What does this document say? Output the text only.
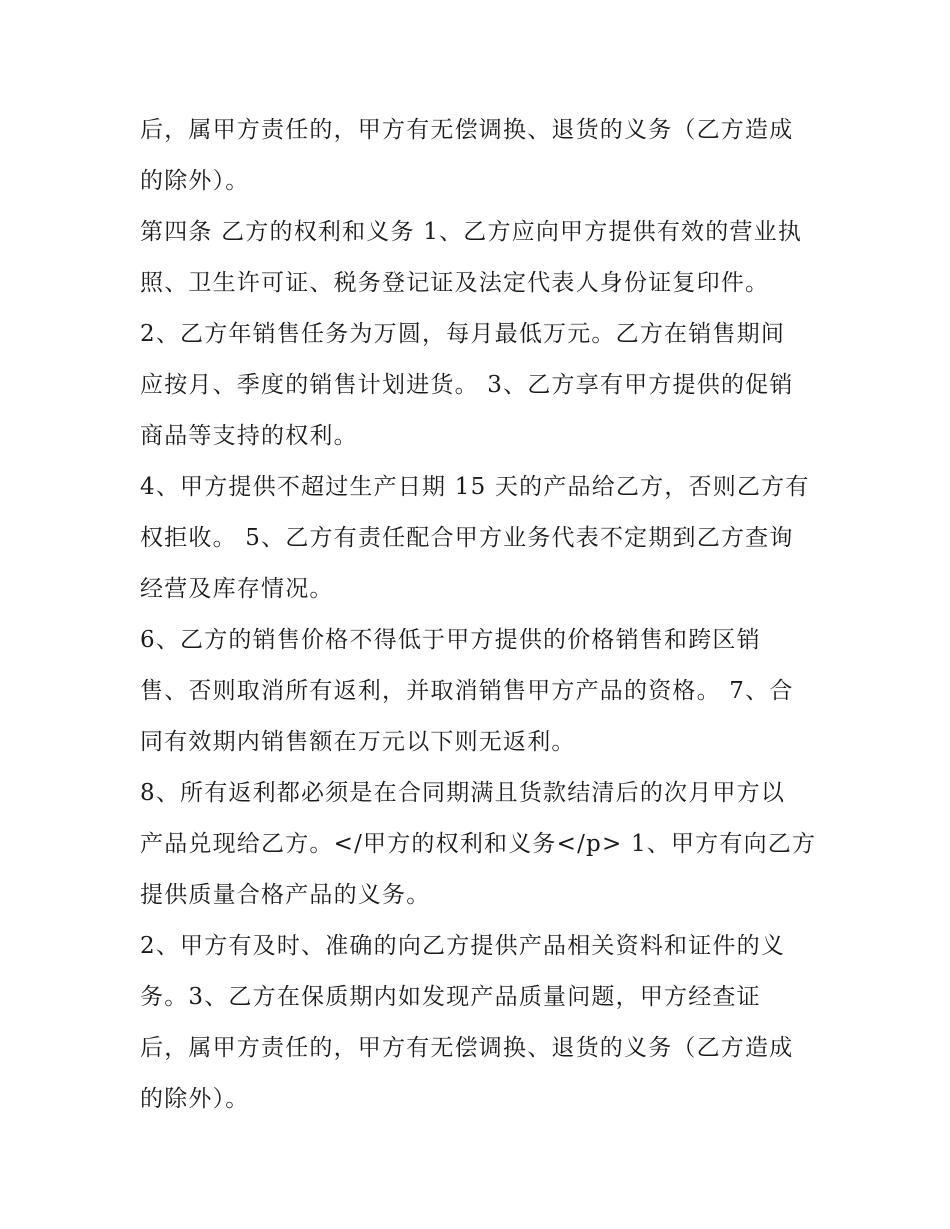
后，属甲方责任的，甲方有无偿调换、退货的义务（乙方造成
的除外）。
第四条 乙方的权利和义务 1、乙方应向甲方提供有效的营业执
照、卫生许可证、税务登记证及法定代表人身份证复印件。
2、乙方年销售任务为万圆，每月最低万元。乙方在销售期间
应按月、季度的销售计划进货。 3、乙方享有甲方提供的促销
商品等支持的权利。
4、甲方提供不超过生产日期 15 天的产品给乙方，否则乙方有
权拒收。 5、乙方有责任配合甲方业务代表不定期到乙方查询
经营及库存情况。
6、乙方的销售价格不得低于甲方提供的价格销售和跨区销
售、否则取消所有返利，并取消销售甲方产品的资格。 7、合
同有效期内销售额在万元以下则无返利。
8、所有返利都必须是在合同期满且货款结清后的次月甲方以
产品兑现给乙方。</甲方的权利和义务</p> 1、甲方有向乙方
提供质量合格产品的义务。
2、甲方有及时、准确的向乙方提供产品相关资料和证件的义
务。3、乙方在保质期内如发现产品质量问题，甲方经查证
后，属甲方责任的，甲方有无偿调换、退货的义务（乙方造成
的除外）。
